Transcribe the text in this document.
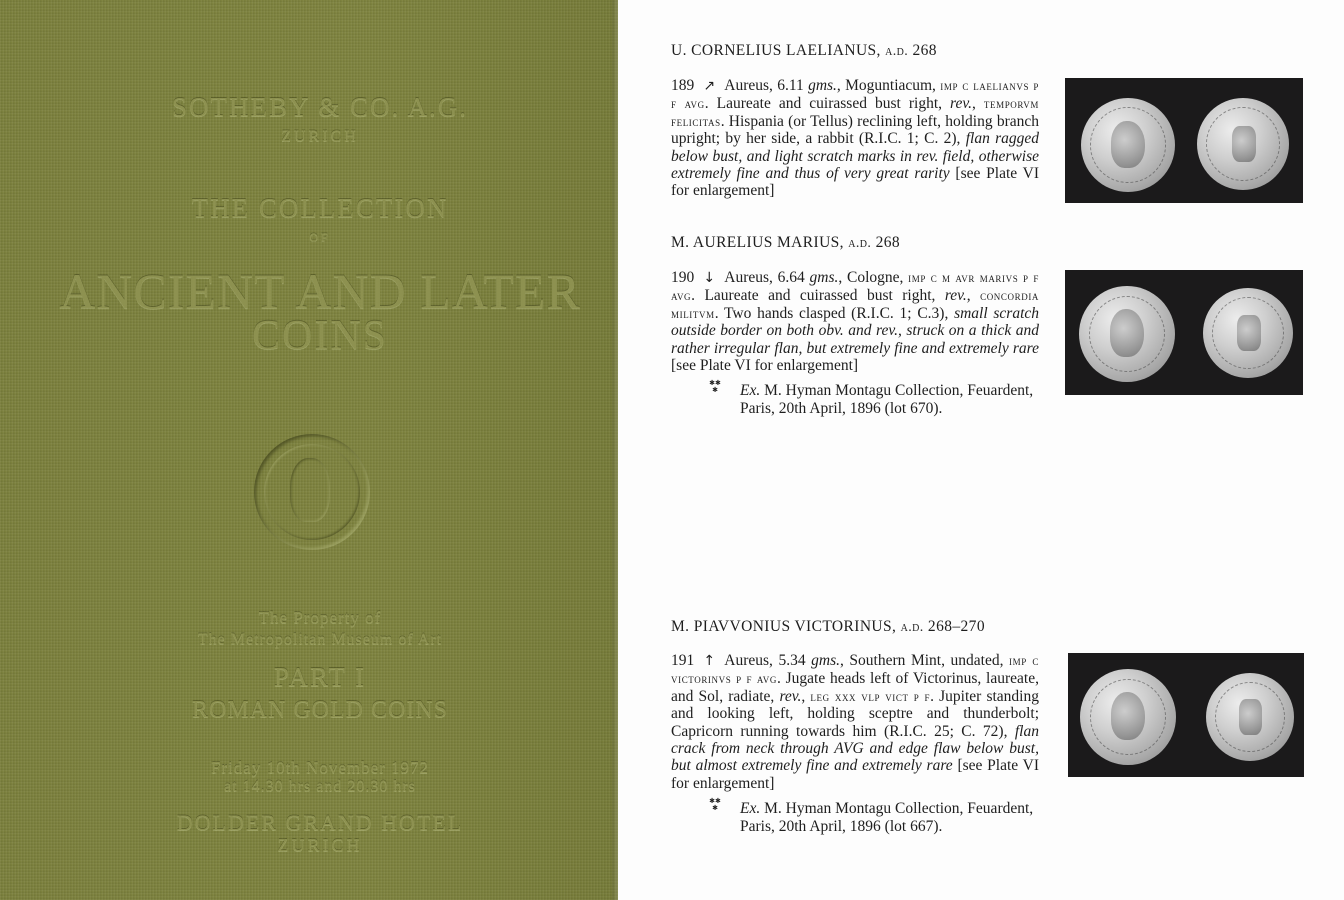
SOTHEBY & CO. A.G.
ZURICH
THE COLLECTION
OF
ANCIENT AND LATER
COINS
The Property of
The Metropolitan Museum of Art
PART I
ROMAN GOLD COINS
Friday 10th November 1972
at 14.30 hrs and 20.30 hrs
DOLDER GRAND HOTEL
ZURICH
U. CORNELIUS LAELIANUS, a.d. 268
189 ↗ Aureus, 6.11 gms., Moguntiacum, imp c laelianvs p f avg. Laureate and cuirassed bust right, rev., temporvm felicitas. Hispania (or Tellus) reclining left, holding branch upright; by her side, a rabbit (R.I.C. 1; C. 2), flan ragged below bust, and light scratch marks in rev. field, otherwise extremely fine and thus of very great rarity [see Plate VI for enlargement]
M. AURELIUS MARIUS, a.d. 268
190 ↓ Aureus, 6.64 gms., Cologne, imp c m avr marivs p f avg. Laureate and cuirassed bust right, rev., concordia militvm. Two hands clasped (R.I.C. 1; C.3), small scratch outside border on both obv. and rev., struck on a thick and rather irregular flan, but extremely fine and extremely rare [see Plate VI for enlargement]
✱✱
✱ Ex. M. Hyman Montagu Collection, Feuardent, Paris, 20th April, 1896 (lot 670).
M. PIAVVONIUS VICTORINUS, a.d. 268–270
191 ↑ Aureus, 5.34 gms., Southern Mint, undated, imp c victorinvs p f avg. Jugate heads left of Victorinus, laureate, and Sol, radiate, rev., leg xxx vlp vict p f. Jupiter standing and looking left, holding sceptre and thunderbolt; Capricorn running towards him (R.I.C. 25; C. 72), flan crack from neck through AVG and edge flaw below bust, but almost extremely fine and extremely rare [see Plate VI for enlargement]
✱✱
✱ Ex. M. Hyman Montagu Collection, Feuardent, Paris, 20th April, 1896 (lot 667).
